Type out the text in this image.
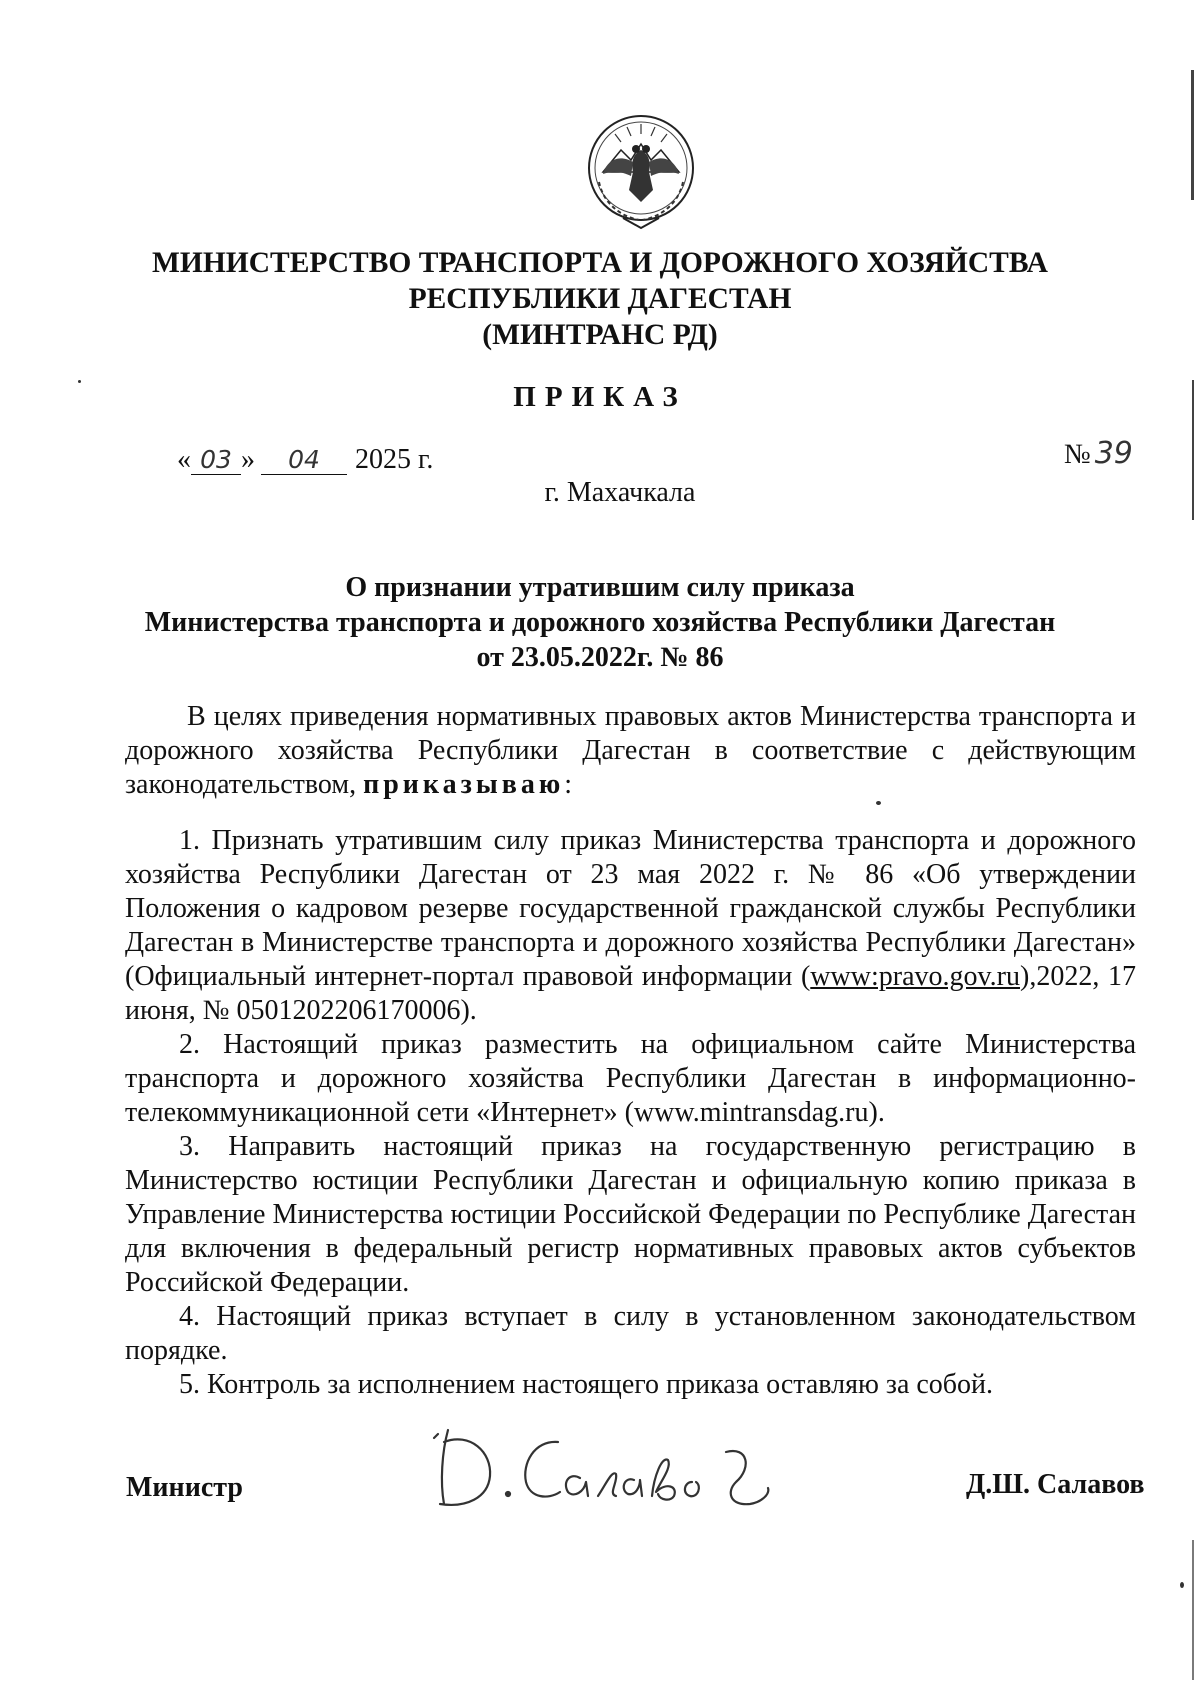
МИНИСТЕРСТВО ТРАНСПОРТА И ДОРОЖНОГО ХОЗЯЙСТВА
РЕСПУБЛИКИ ДАГЕСТАН
(МИНТРАНС РД)
ПРИКАЗ
« 03 » 04 2025 г.	№ 39
г. Махачкала
О признании утратившим силу приказа
Министерства транспорта и дорожного хозяйства Республики Дагестан
от 23.05.2022г. № 86
В целях приведения нормативных правовых актов Министерства транспорта и дорожного хозяйства Республики Дагестан в соответствие с действующим законодательством, приказываю:

1. Признать утратившим силу приказ Министерства транспорта и дорожного хозяйства Республики Дагестан от 23 мая 2022 г. № 86 «Об утверждении Положения о кадровом резерве государственной гражданской службы Республики Дагестан в Министерстве транспорта и дорожного хозяйства Республики Дагестан» (Официальный интернет-портал правовой информации (www:pravo.gov.ru),2022, 17 июня, № 0501202206170006).

2. Настоящий приказ разместить на официальном сайте Министерства транспорта и дорожного хозяйства Республики Дагестан в информационно-телекоммуникационной сети «Интернет» (www.mintransdag.ru).

3. Направить настоящий приказ на государственную регистрацию в Министерство юстиции Республики Дагестан и официальную копию приказа в Управление Министерства юстиции Российской Федерации по Республике Дагестан для включения в федеральный регистр нормативных правовых актов субъектов Российской Федерации.

4. Настоящий приказ вступает в силу в установленном законодательством порядке.

5. Контроль за исполнением настоящего приказа оставляю за собой.

Министр	Д.Ш. Салавов
